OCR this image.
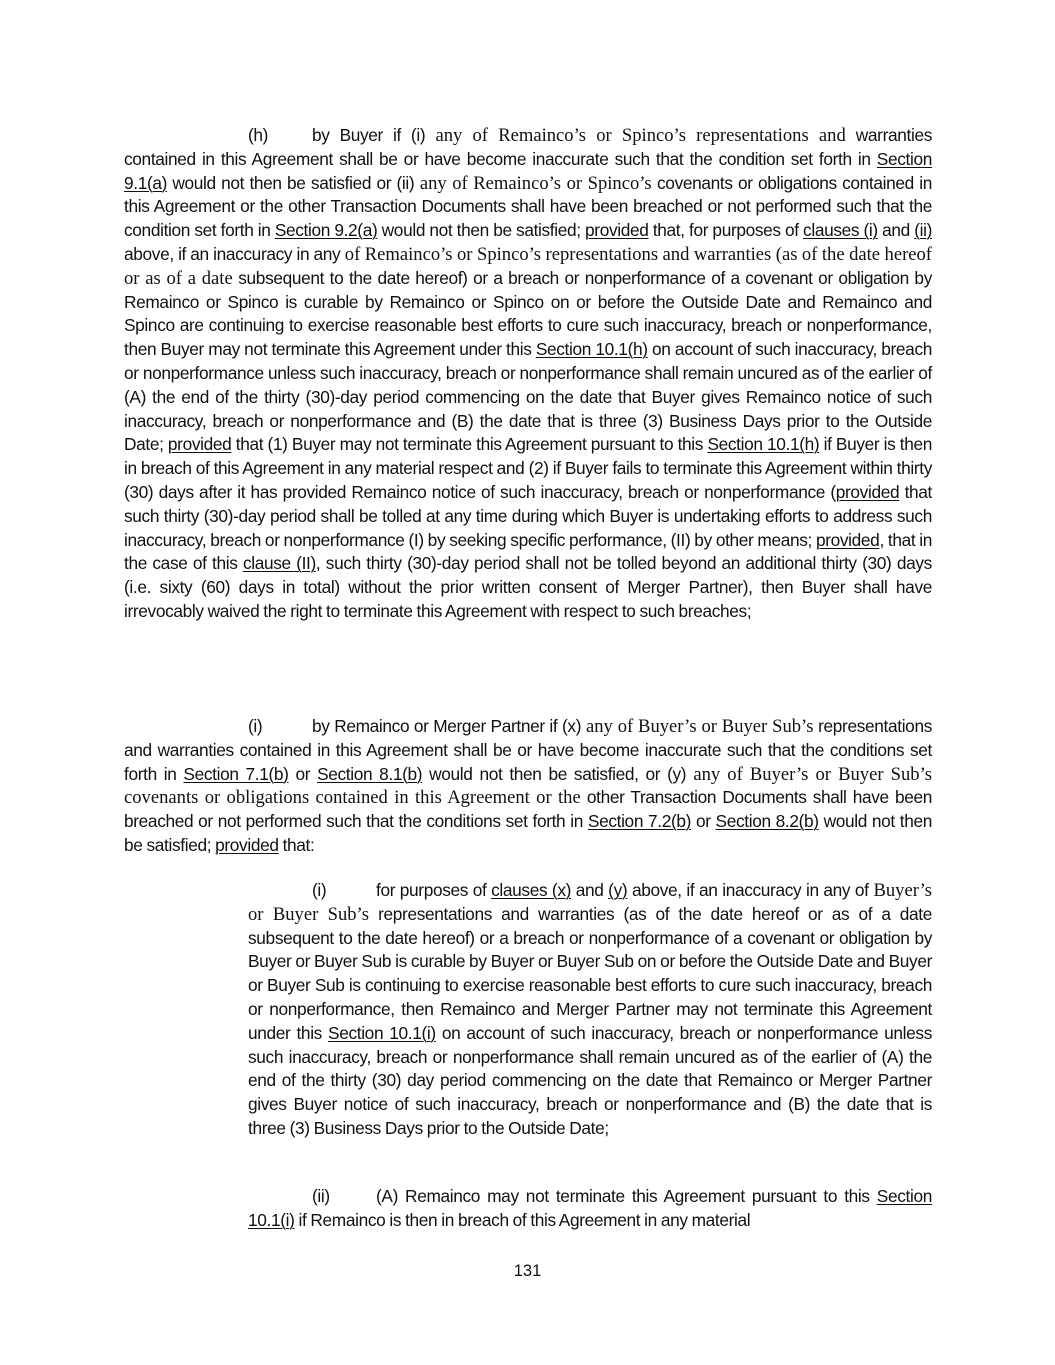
(h)	by Buyer if (i) any of Remainco’s or Spinco’s representations and warranties contained in this Agreement shall be or have become inaccurate such that the condition set forth in Section 9.1(a) would not then be satisfied or (ii) any of Remainco’s or Spinco’s covenants or obligations contained in this Agreement or the other Transaction Documents shall have been breached or not performed such that the condition set forth in Section 9.2(a) would not then be satisfied; provided that, for purposes of clauses (i) and (ii) above, if an inaccuracy in any of Remainco’s or Spinco’s representations and warranties (as of the date hereof or as of a date subsequent to the date hereof) or a breach or nonperformance of a covenant or obligation by Remainco or Spinco is curable by Remainco or Spinco on or before the Outside Date and Remainco and Spinco are continuing to exercise reasonable best efforts to cure such inaccuracy, breach or nonperformance, then Buyer may not terminate this Agreement under this Section 10.1(h) on account of such inaccuracy, breach or nonperformance unless such inaccuracy, breach or nonperformance shall remain uncured as of the earlier of (A) the end of the thirty (30)-day period commencing on the date that Buyer gives Remainco notice of such inaccuracy, breach or nonperformance and (B) the date that is three (3) Business Days prior to the Outside Date; provided that (1) Buyer may not terminate this Agreement pursuant to this Section 10.1(h) if Buyer is then in breach of this Agreement in any material respect and (2) if Buyer fails to terminate this Agreement within thirty (30) days after it has provided Remainco notice of such inaccuracy, breach or nonperformance (provided that such thirty (30)-day period shall be tolled at any time during which Buyer is undertaking efforts to address such inaccuracy, breach or nonperformance (I) by seeking specific performance, (II) by other means; provided, that in the case of this clause (II), such thirty (30)-day period shall not be tolled beyond an additional thirty (30) days (i.e. sixty (60) days in total) without the prior written consent of Merger Partner), then Buyer shall have irrevocably waived the right to terminate this Agreement with respect to such breaches;
(i)	by Remainco or Merger Partner if (x) any of Buyer’s or Buyer Sub’s representations and warranties contained in this Agreement shall be or have become inaccurate such that the conditions set forth in Section 7.1(b) or Section 8.1(b) would not then be satisfied, or (y) any of Buyer’s or Buyer Sub’s covenants or obligations contained in this Agreement or the other Transaction Documents shall have been breached or not performed such that the conditions set forth in Section 7.2(b) or Section 8.2(b) would not then be satisfied; provided that:
(i)	for purposes of clauses (x) and (y) above, if an inaccuracy in any of Buyer’s or Buyer Sub’s representations and warranties (as of the date hereof or as of a date subsequent to the date hereof) or a breach or nonperformance of a covenant or obligation by Buyer or Buyer Sub is curable by Buyer or Buyer Sub on or before the Outside Date and Buyer or Buyer Sub is continuing to exercise reasonable best efforts to cure such inaccuracy, breach or nonperformance, then Remainco and Merger Partner may not terminate this Agreement under this Section 10.1(i) on account of such inaccuracy, breach or nonperformance unless such inaccuracy, breach or nonperformance shall remain uncured as of the earlier of (A) the end of the thirty (30) day period commencing on the date that Remainco or Merger Partner gives Buyer notice of such inaccuracy, breach or nonperformance and (B) the date that is three (3) Business Days prior to the Outside Date;
(ii)	(A) Remainco may not terminate this Agreement pursuant to this Section 10.1(i) if Remainco is then in breach of this Agreement in any material
131
